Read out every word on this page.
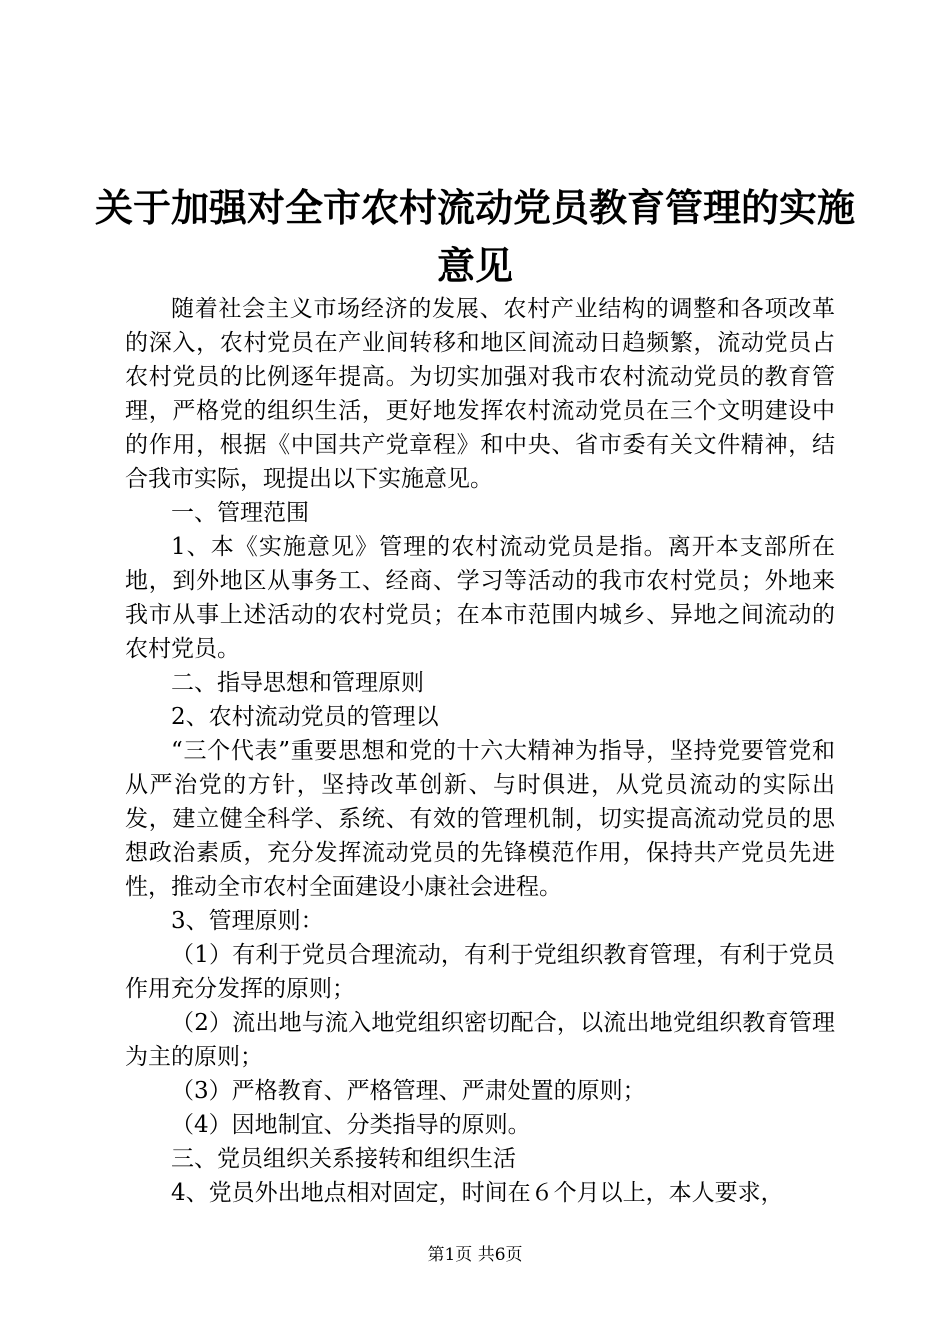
关于加强对全市农村流动党员教育管理的实施
意见

随着社会主义市场经济的发展、农村产业结构的调整和各项改革的深入，农村党员在产业间转移和地区间流动日趋频繁，流动党员占农村党员的比例逐年提高。为切实加强对我市农村流动党员的教育管理，严格党的组织生活，更好地发挥农村流动党员在三个文明建设中的作用，根据《中国共产党章程》和中央、省市委有关文件精神，结合我市实际，现提出以下实施意见。

一、管理范围

1、本《实施意见》管理的农村流动党员是指。离开本支部所在地，到外地区从事务工、经商、学习等活动的我市农村党员；外地来我市从事上述活动的农村党员；在本市范围内城乡、异地之间流动的农村党员。

二、指导思想和管理原则

2、农村流动党员的管理以

“三个代表”重要思想和党的十六大精神为指导，坚持党要管党和从严治党的方针，坚持改革创新、与时俱进，从党员流动的实际出发，建立健全科学、系统、有效的管理机制，切实提高流动党员的思想政治素质，充分发挥流动党员的先锋模范作用，保持共产党员先进性，推动全市农村全面建设小康社会进程。

3、管理原则：

（1）有利于党员合理流动，有利于党组织教育管理，有利于党员作用充分发挥的原则；

（2）流出地与流入地党组织密切配合，以流出地党组织教育管理为主的原则；

（3）严格教育、严格管理、严肃处置的原则；

（4）因地制宜、分类指导的原则。

三、党员组织关系接转和组织生活

4、党员外出地点相对固定，时间在６个月以上，本人要求，

第1页 共6页
